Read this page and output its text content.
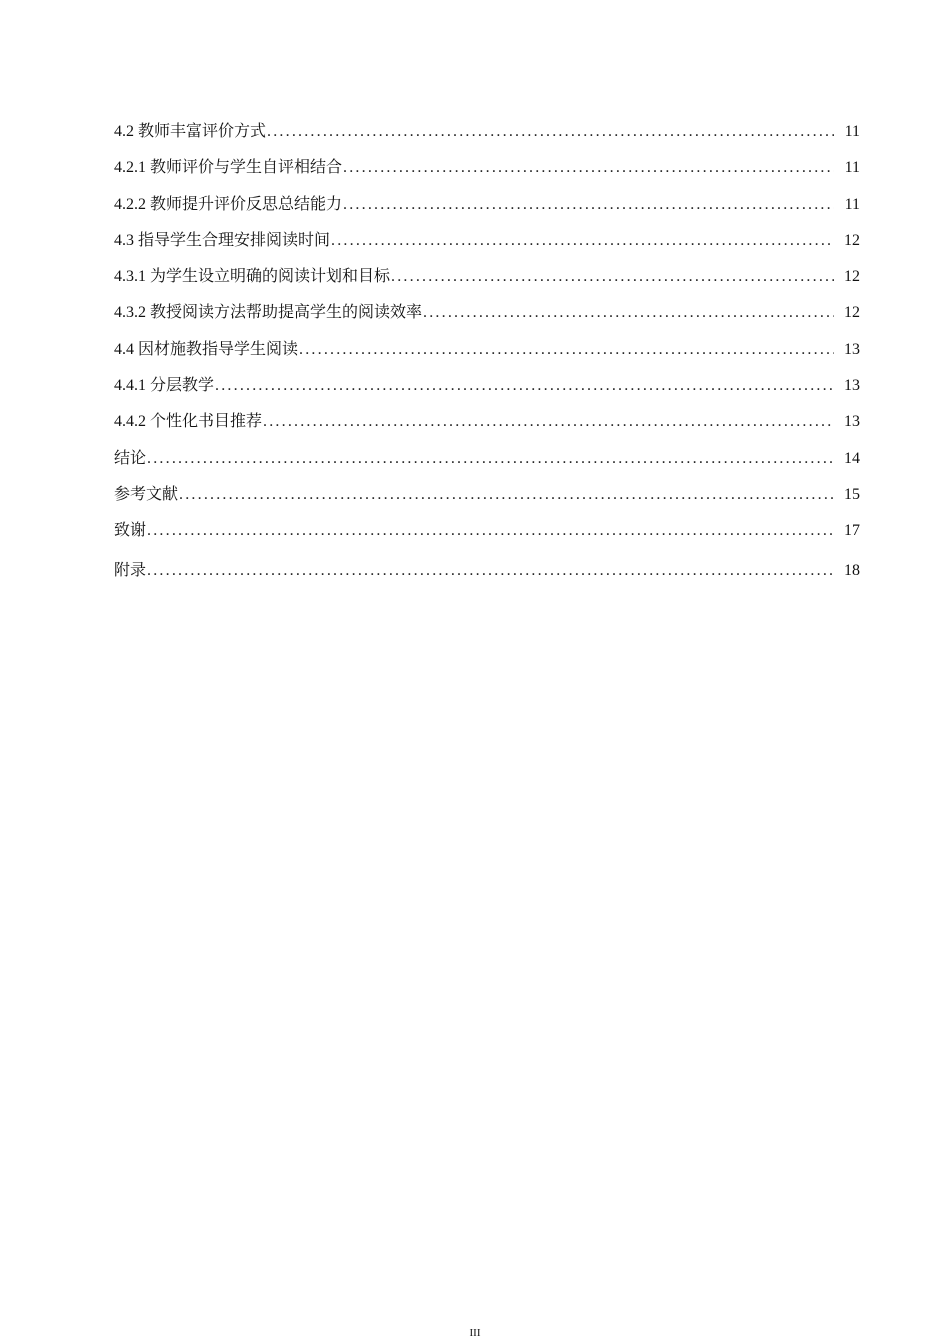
4.2 教师丰富评价方式 .....	11
4.2.1 教师评价与学生自评相结合 .....	11
4.2.2 教师提升评价反思总结能力 .....	11
4.3 指导学生合理安排阅读时间 .....	12
4.3.1 为学生设立明确的阅读计划和目标 .....	12
4.3.2 教授阅读方法帮助提高学生的阅读效率 .....	12
4.4 因材施教指导学生阅读 .....	13
4.4.1 分层教学 .....	13
4.4.2 个性化书目推荐 .....	13
结论 .....	14
参考文献 .....	15
致谢 .....	17
附录 .....	18
III
